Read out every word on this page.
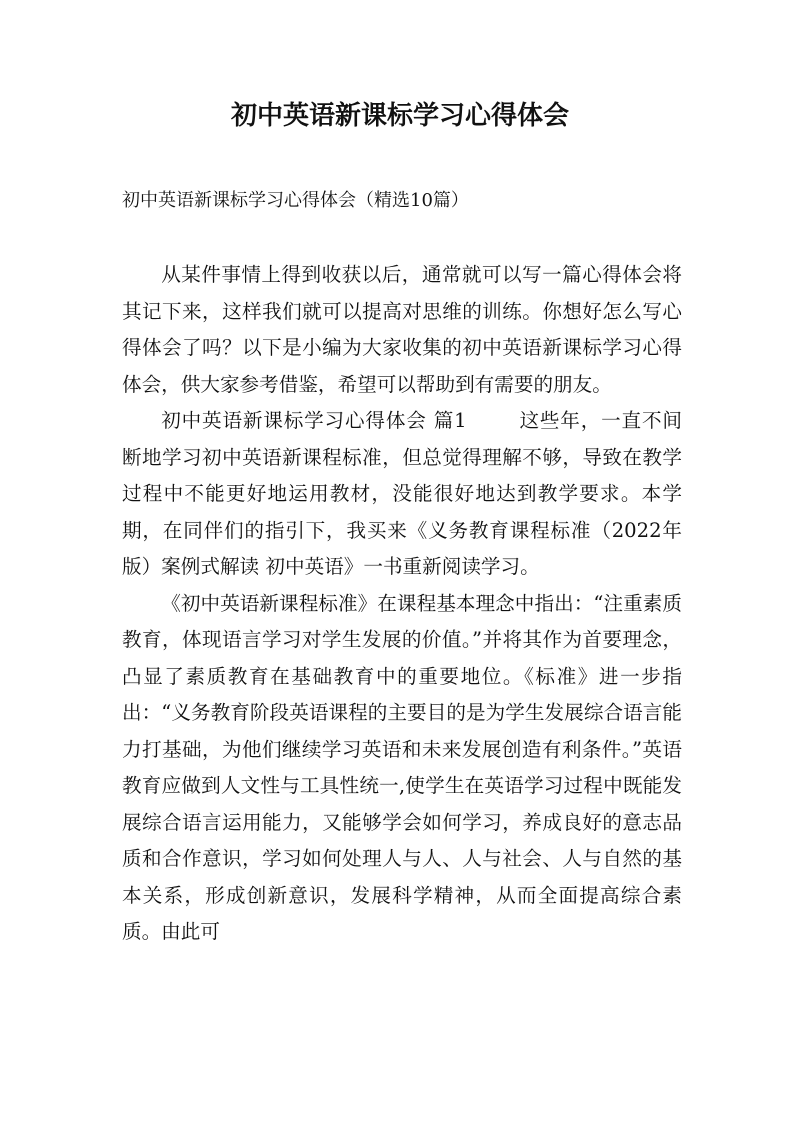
初中英语新课标学习心得体会

初中英语新课标学习心得体会（精选10篇）

从某件事情上得到收获以后，通常就可以写一篇心得体会将其记下来，这样我们就可以提高对思维的训练。你想好怎么写心得体会了吗？以下是小编为大家收集的初中英语新课标学习心得体会，供大家参考借鉴，希望可以帮助到有需要的朋友。

初中英语新课标学习心得体会 篇1	这些年，一直不间断地学习初中英语新课程标准，但总觉得理解不够，导致在教学过程中不能更好地运用教材，没能很好地达到教学要求。本学期，在同伴们的指引下，我买来《义务教育课程标准（2022年版）案例式解读 初中英语》一书重新阅读学习。

《初中英语新课程标准》在课程基本理念中指出：“注重素质教育，体现语言学习对学生发展的价值。”并将其作为首要理念，凸显了素质教育在基础教育中的重要地位。《标准》进一步指出：“义务教育阶段英语课程的主要目的是为学生发展综合语言能力打基础，为他们继续学习英语和未来发展创造有利条件。”英语教育应做到人文性与工具性统一,使学生在英语学习过程中既能发展综合语言运用能力，又能够学会如何学习，养成良好的意志品质和合作意识，学习如何处理人与人、人与社会、人与自然的基本关系，形成创新意识，发展科学精神，从而全面提高综合素质。由此可
